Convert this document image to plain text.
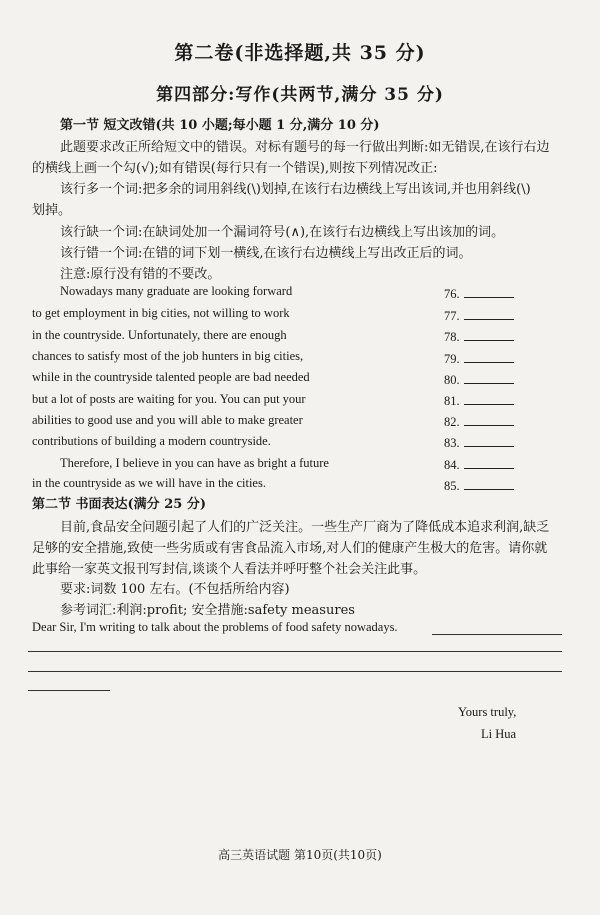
第二卷(非选择题,共 35 分)
第四部分:写作(共两节,满分 35 分)
第一节 短文改错(共 10 小题;每小题 1 分,满分 10 分)
此题要求改正所给短文中的错误。对标有题号的每一行做出判断:如无错误,在该行右边
的横线上画一个勾(√);如有错误(每行只有一个错误),则按下列情况改正:
该行多一个词:把多余的词用斜线(\)划掉,在该行右边横线上写出该词,并也用斜线(\)
划掉。
该行缺一个词:在缺词处加一个漏词符号(∧),在该行右边横线上写出该加的词。
该行错一个词:在错的词下划一横线,在该行右边横线上写出改正后的词。
注意:原行没有错的不要改。
Nowadays many graduate are looking forward
to get employment in big cities, not willing to work
in the countryside. Unfortunately, there are enough
chances to satisfy most of the job hunters in big cities,
while in the countryside talented people are bad needed
but a lot of posts are waiting for you. You can put your
abilities to good use and you will able to make greater
contributions of building a modern countryside.
Therefore, I believe in you can have as bright a future
in the countryside as we will have in the cities.
76.
77.
78.
79.
80.
81.
82.
83.
84.
85.
第二节 书面表达(满分 25 分)
目前,食品安全问题引起了人们的广泛关注。一些生产厂商为了降低成本追求利润,缺乏
足够的安全措施,致使一些劣质或有害食品流入市场,对人们的健康产生极大的危害。请你就
此事给一家英文报刊写封信,谈谈个人看法并呼吁整个社会关注此事。
要求:词数 100 左右。(不包括所给内容)
参考词汇:利润:profit; 安全措施:safety measures
Dear Sir, I'm writing to talk about the problems of food safety nowadays.
Yours truly,
Li Hua
高三英语试题 第10页(共10页)
